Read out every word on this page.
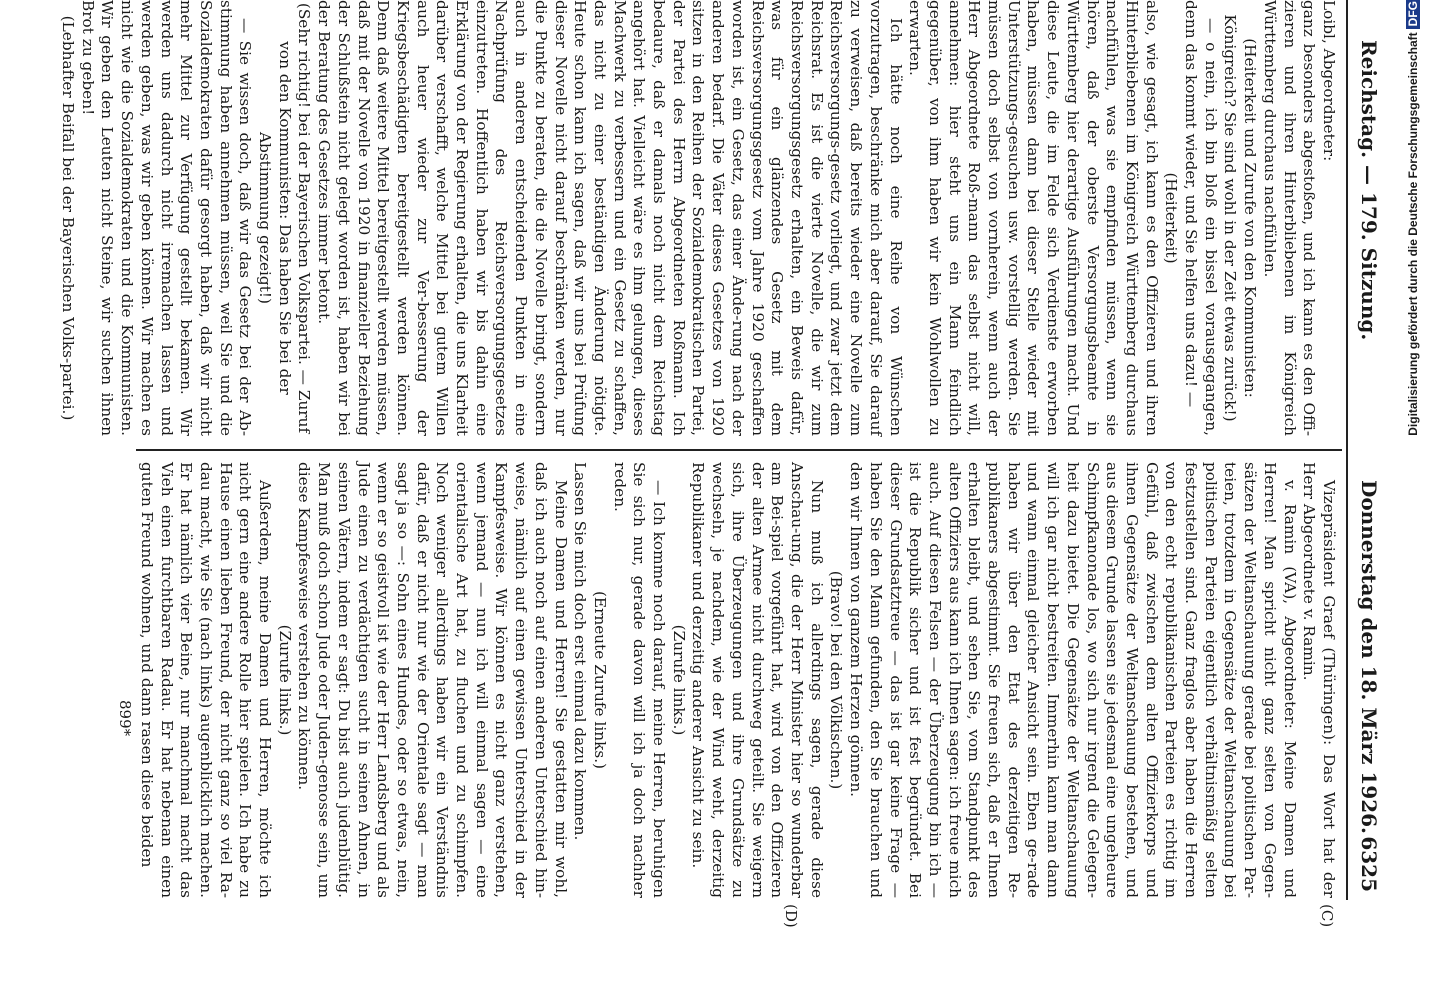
Reichstag. — 179. Sitzung.
Donnerstag den 18. März 1926.
6325
(C)
(D)

Loibl, Abgeordneter:

ganz besonders abgestoßen, und ich kann es den Offi-zieren und ihren Hinterbliebenen im Königreich Württemberg durchaus nachfühlen.

(Heiterkeit und Zurufe von den Kommunisten: Königreich? Sie sind wohl in der Zeit etwas zurück!)

— o nein, ich bin bloß ein bissel vorausgegangen, denn das kommt wieder, und Sie helfen uns dazu! —

(Heiterkeit)

also, wie gesagt, ich kann es den Offizieren und ihren Hinterbliebenen im Königreich Württemberg durchaus nachfühlen, was sie empfinden müssen, wenn sie hören, daß der oberste Versorgungsbeamte in Württemberg hier derartige Ausführungen macht. Und diese Leute, die im Felde sich Verdienste erworben haben, müssen dann bei dieser Stelle wieder mit Unterstützungs-gesuchen usw. vorstellig werden. Sie müssen doch selbst von vornherein, wenn auch der Herr Abgeordnete Roß-mann das selbst nicht will, annehmen: hier steht uns ein Mann feindlich gegenüber, von ihm haben wir kein Wohlwollen zu erwarten.

Ich hätte noch eine Reihe von Wünschen vorzutragen, beschränke mich aber darauf, Sie darauf zu verweisen, daß bereits wieder eine Novelle zum Reichsversorgungs-gesetz vorliegt, und zwar jetzt dem Reichsrat. Es ist die vierte Novelle, die wir zum Reichsversorgungsgesetz erhalten, ein Beweis dafür, was für ein glänzendes Gesetz mit dem Reichsversorgungsgesetz vom Jahre 1920 geschaffen worden ist, ein Gesetz, das einer Ände-rung nach der anderen bedarf. Die Väter dieses Gesetzes von 1920 sitzen in den Reihen der Sozialdemokratischen Partei, der Partei des Herrn Abgeordneten Roßmann. Ich bedaure, daß er damals noch nicht dem Reichstag angehört hat. Vielleicht wäre es ihm gelungen, dieses Machwerk zu verbessern und ein Gesetz zu schaffen, das nicht zu einer beständigen Änderung nötigte. Heute schon kann ich sagen, daß wir uns bei Prüfung dieser Novelle nicht darauf beschränken werden, nur die Punkte zu beraten, die die Novelle bringt, sondern auch in anderen entscheidenden Punkten in eine Nachprüfung des Reichsversorgungsgesetzes einzutreten. Hoffentlich haben wir bis dahin eine Erklärung von der Regierung erhalten, die uns Klarheit darüber verschafft, welche Mittel bei gutem Willen auch heuer wieder zur Ver-besserung der Kriegsbeschädigten bereitgestellt werden können. Denn daß weitere Mittel bereitgestellt werden müssen, daß mit der Novelle von 1920 in finanzieller Beziehung der Schlußstein nicht gelegt worden ist, haben wir bei der Beratung des Gesetzes immer betont.

(Sehr richtig! bei der Bayerischen Volkspartei. — Zuruf von den Kommunisten: Das haben Sie bei der Abstimmung gezeigt!)

— Sie wissen doch, daß wir das Gesetz bei der Ab-stimmung haben annehmen müssen, weil Sie und die Sozialdemokraten dafür gesorgt haben, daß wir nicht mehr Mittel zur Verfügung gestellt bekamen. Wir werden uns dadurch nicht irremachen lassen und werden geben, was wir geben können. Wir machen es nicht wie die Sozialdemokraten und die Kommunisten. Wir geben den Leuten nicht Steine, wir suchen ihnen Brot zu geben!

(Lebhafter Beifall bei der Bayerischen Volks-partei.)

Vizepräsident Graef (Thüringen): Das Wort hat der Herr Abgeordnete v. Ramin.

v. Ramin (VA), Abgeordneter: Meine Damen und Herren! Man spricht nicht ganz selten von Gegen-sätzen der Weltanschauung gerade bei politischen Par-teien, trotzdem in Gegensätze der Weltanschauung bei politischen Parteien eigentlich verhältnismäßig selten festzustellen sind. Ganz fraglos aber haben die Herren von den echt republikanischen Parteien es richtig im Gefühl, daß zwischen dem alten Offizierkorps und ihnen Gegensätze der Weltanschauung bestehen, und aus diesem Grunde lassen sie jedesmal eine ungeheure Schimpfkanonade los, wo sich nur irgend die Gelegen-heit dazu bietet. Die Gegensätze der Weltanschauung will ich gar nicht bestreiten. Immerhin kann man dann und wann einmal gleicher Ansicht sein. Eben ge-rade haben wir über den Etat des derzeitigen Re-publikaners abgestimmt. Sie freuen sich, daß er Ihnen erhalten bleibt, und sehen Sie, vom Standpunkt des alten Offiziers aus kann ich Ihnen sagen: ich freue mich auch. Auf diesen Felsen — der Überzeugung bin ich — ist die Republik sicher und ist fest begründet. Bei dieser Grundsatztreue — das ist gar keine Frage — haben Sie den Mann gefunden, den Sie brauchen und den wir Ihnen von ganzem Herzen gönnen.

(Bravo! bei den Völkischen.)

Nun muß ich allerdings sagen, gerade diese Anschau-ung, die der Herr Minister hier so wunderbar am Bei-spiel vorgeführt hat, wird von den Offizieren der alten Armee nicht durchweg geteilt. Sie weigern sich, ihre Überzeugungen und ihre Grundsätze zu wechseln, je nachdem, wie der Wind weht, derzeitig Republikaner und derzeitig anderer Ansicht zu sein.

(Zurufe links.)

— Ich komme noch darauf, meine Herren, beruhigen Sie sich nur, gerade davon will ich ja doch nachher reden.

(Erneute Zurufe links.)

Lassen Sie mich doch erst einmal dazu kommen.

Meine Damen und Herren! Sie gestatten mir wohl, daß ich auch noch auf einen anderen Unterschied hin-weise, nämlich auf einen gewissen Unterschied in der Kampfesweise. Wir können es nicht ganz verstehen, wenn jemand — nun ich will einmal sagen — eine orientalische Art hat, zu fluchen und zu schimpfen. Noch weniger allerdings haben wir ein Verständnis dafür, daß er nicht nur wie der Orientale sagt — man sagt ja so —: Sohn eines Hundes, oder so etwas, nein, wenn er so geistvoll ist wie der Herr Landsberg und als Jude einen zu verdächtigen sucht in seinen Ahnen, in seinen Vätern, indem er sagt: Du bist auch judenblütig. Man muß doch schon Jude oder Juden-genosse sein, um diese Kampfesweise verstehen zu können.

(Zurufe links.)

Außerdem, meine Damen und Herren, möchte ich nicht gern eine andere Rolle hier spielen. Ich habe zu Hause einen lieben Freund, der nicht ganz so viel Ra-dau macht, wie Sie (nach links) augenblicklich machen. Er hat nämlich vier Beine, nur manchmal macht das Vieh einen furchtbaren Radau. Er hat nebenan einen guten Freund wohnen, und dann rasen diese beiden

899*
Digitalisierung gefördert durch die Deutsche ForschungsgemeinschaftDFG
